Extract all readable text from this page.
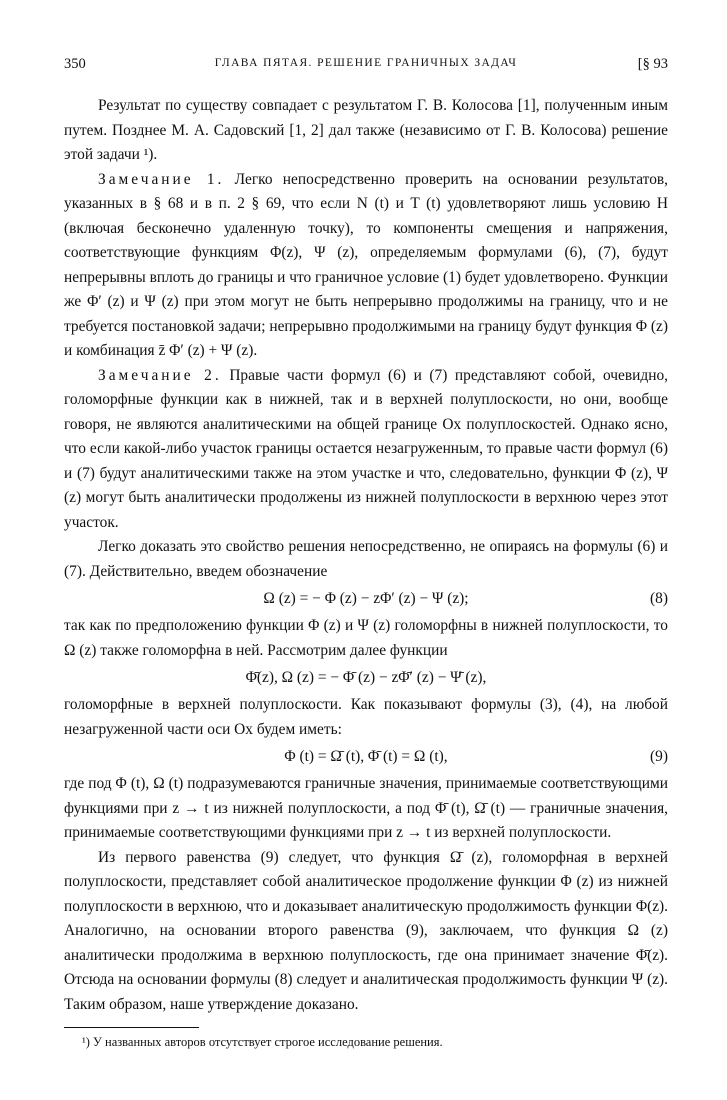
350	ГЛАВА ПЯТАЯ. РЕШЕНИЕ ГРАНИЧНЫХ ЗАДАЧ	[§ 93

Результат по существу совпадает с результатом Г. В. Колосова [1], полученным иным путем. Позднее М. А. Садовский [1, 2] дал также (независимо от Г. В. Колосова) решение этой задачи ¹).

Замечание 1. Легко непосредственно проверить на основании результатов, указанных в § 68 и в п. 2 § 69, что если N (t) и T (t) удовлетворяют лишь условию H (включая бесконечно удаленную точку), то компоненты смещения и напряжения, соответствующие функциям Φ(z), Ψ (z), определяемым формулами (6), (7), будут непрерывны вплоть до границы и что граничное условие (1) будет удовлетворено. Функции же Φ′ (z) и Ψ (z) при этом могут не быть непрерывно продолжимы на границу, что и не требуется постановкой задачи; непрерывно продолжимыми на границу будут функция Φ (z) и комбинация z̄ Φ′ (z) + Ψ (z).

Замечание 2. Правые части формул (6) и (7) представляют собой, очевидно, голоморфные функции как в нижней, так и в верхней полуплоскости, но они, вообще говоря, не являются аналитическими на общей границе Ox полуплоскостей. Однако ясно, что если какой-либо участок границы остается незагруженным, то правые части формул (6) и (7) будут аналитическими также на этом участке и что, следовательно, функции Φ (z), Ψ (z) могут быть аналитически продолжены из нижней полуплоскости в верхнюю через этот участок.

Легко доказать это свойство решения непосредственно, не опираясь на формулы (6) и (7). Действительно, введем обозначение

Ω (z) = − Φ (z) − zΦ′ (z) − Ψ (z);	(8)

так как по предположению функции Φ (z) и Ψ (z) голоморфны в нижней полуплоскости, то Ω (z) также голоморфна в ней. Рассмотрим далее функции

Φ̄(z), Ω (z) = − Φ̄ (z) − zΦ̄′ (z) − Ψ̄ (z),

голоморфные в верхней полуплоскости. Как показывают формулы (3), (4), на любой незагруженной части оси Ox будем иметь:

Φ (t) = Ω̄ (t), Φ̄ (t) = Ω (t),	(9)

где под Φ (t), Ω (t) подразумеваются граничные значения, принимаемые соответствующими функциями при z → t из нижней полуплоскости, а под Φ̄ (t), Ω̄ (t) — граничные значения, принимаемые соответствующими функциями при z → t из верхней полуплоскости.

Из первого равенства (9) следует, что функция Ω̄ (z), голоморфная в верхней полуплоскости, представляет собой аналитическое продолжение функции Φ (z) из нижней полуплоскости в верхнюю, что и доказывает аналитическую продолжимость функции Φ(z). Аналогично, на основании второго равенства (9), заключаем, что функция Ω (z) аналитически продолжима в верхнюю полуплоскость, где она принимает значение Φ̄(z). Отсюда на основании формулы (8) следует и аналитическая продолжимость функции Ψ (z). Таким образом, наше утверждение доказано.

¹) У названных авторов отсутствует строгое исследование решения.
